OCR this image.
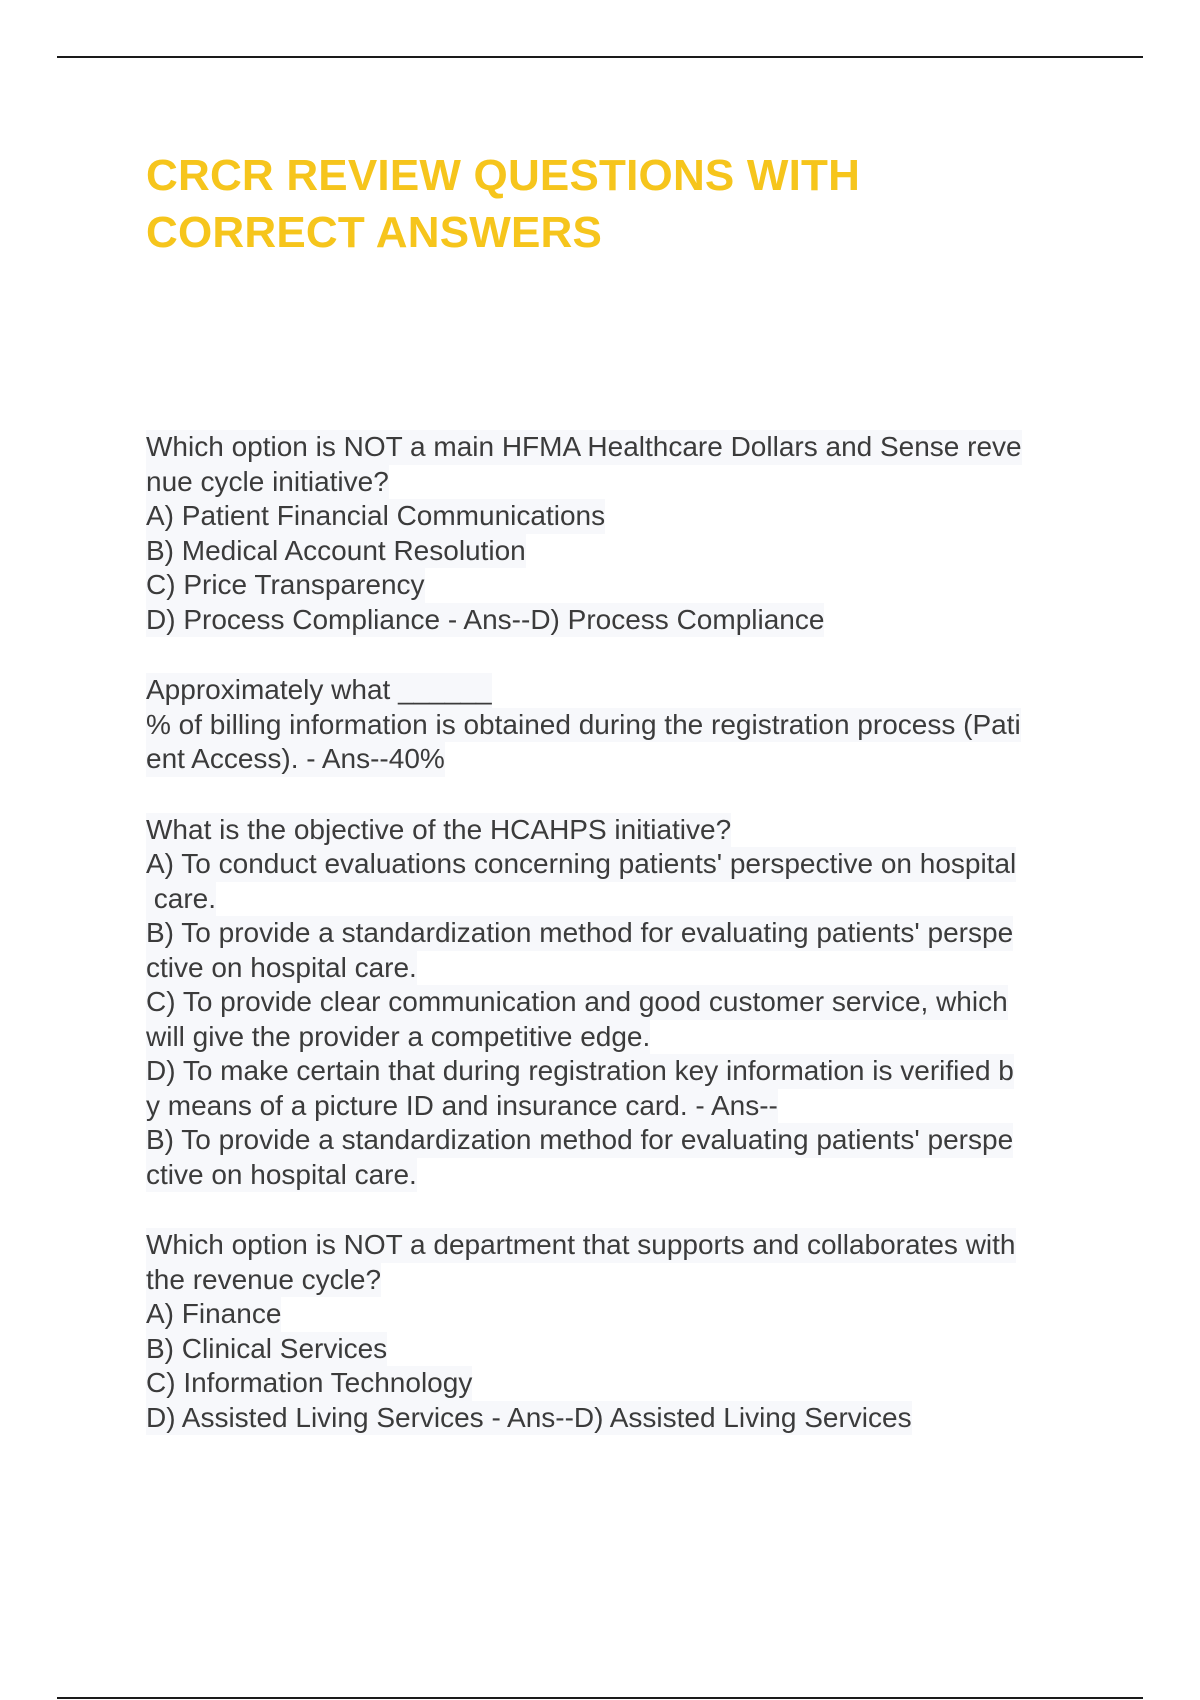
CRCR REVIEW QUESTIONS WITH
CORRECT ANSWERS
Which option is NOT a main HFMA Healthcare Dollars and Sense reve
nue cycle initiative?
A) Patient Financial Communications
B) Medical Account Resolution
C) Price Transparency
D) Process Compliance - Ans--D) Process Compliance
Approximately what ______
% of billing information is obtained during the registration process (Pati
ent Access). - Ans--40%
What is the objective of the HCAHPS initiative?
A) To conduct evaluations concerning patients' perspective on hospital
care.
B) To provide a standardization method for evaluating patients' perspe
ctive on hospital care.
C) To provide clear communication and good customer service, which
will give the provider a competitive edge.
D) To make certain that during registration key information is verified b
y means of a picture ID and insurance card. - Ans--
B) To provide a standardization method for evaluating patients' perspe
ctive on hospital care.
Which option is NOT a department that supports and collaborates with
the revenue cycle?
A) Finance
B) Clinical Services
C) Information Technology
D) Assisted Living Services - Ans--D) Assisted Living Services
